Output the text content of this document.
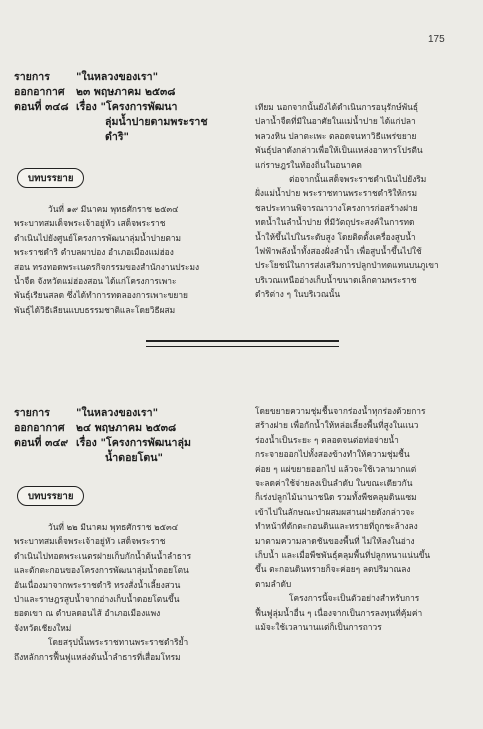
175
รายการ	"ในหลวงของเรา"
ออกอากาศ	๒๓ พฤษภาคม ๒๕๓๘
ตอนที่ ๓๔๘ เรื่อง "โครงการพัฒนา
ลุ่มน้ำปายตามพระราช
ดำริ"
บทบรรยาย
วันที่ ๑๙ มีนาคม พุทธศักราช ๒๕๓๔
พระบาทสมเด็จพระเจ้าอยู่หัว เสด็จพระราช
ดำเนินไปยังศูนย์โครงการพัฒนาลุ่มน้ำปายตาม
พระราชดำริ ตำบลผาบ่อง อำเภอเมืองแม่ฮ่อง
สอน ทรงทอดพระเนตรกิจกรรมของสำนักงานประมง
น้ำจืด จังหวัดแม่ฮ่องสอน ได้แก่โครงการเพาะ
พันธุ์เรียนสลด ซึ่งได้ทำการทดลองการเพาะขยาย
พันธุ์ได้วิธีเลียนแบบธรรมชาติและโดยวิธีผสม
เทียม นอกจากนั้นยังได้ดำเนินการอนุรักษ์พันธุ์
ปลาน้ำจืดที่มีในอาศัยในแม่น้ำปาย ได้แก่ปลา
พลวงหิน ปลาตะเพะ ตลอดจนหาวิธีแพร่ขยาย
พันธุ์ปลาดังกล่าวเพื่อให้เป็นแหล่งอาหารโปรตีน
แก่ราษฎรในท้องถิ่นในอนาคต
ต่อจากนั้นเสด็จพระราชดำเนินไปยังริม
ฝั่งแม่น้ำปาย พระราชทานพระราชดำริให้กรม
ชลประทานพิจารณาวางโครงการก่อสร้างฝาย
ทดน้ำในลำน้ำปาย ที่มีวัตถุประสงค์ในการทด
น้ำให้ขึ้นไปในระดับสูง โดยติดตั้งเครื่องสูบน้ำ
ไฟฟ้าพลังน้ำทั้งสองฝั่งลำน้ำ เพื่อสูบน้ำขึ้นไปใช้
ประโยชน์ในการส่งเสริมการปลูกป่าทดแทนบนภูเขา
บริเวณเหนืออ่างเก็บน้ำขนาดเล็กตามพระราช
ดำริต่าง ๆ ในบริเวณนั้น
รายการ	"ในหลวงของเรา"
ออกอากาศ	๒๔ พฤษภาคม ๒๕๓๘
ตอนที่ ๓๔๙ เรื่อง "โครงการพัฒนาลุ่ม
น้ำดอยโตน"
บทบรรยาย
วันที่ ๒๒ มีนาคม พุทธศักราช ๒๕๓๔
พระบาทสมเด็จพระเจ้าอยู่หัว เสด็จพระราช
ดำเนินไปทอดพระเนตรฝายเก็บกักน้ำต้นน้ำลำธาร
และตักตะกอนของโครงการพัฒนาลุ่มน้ำดอยโตน
อันเนื่องมาจากพระราชดำริ ทรงสั่งน้ำเลี้ยงสวน
ป่าและราษฎรสูบน้ำจากอ่างเก็บน้ำดอยโตนขึ้น
ยอดเขา ณ ตำบลดอนไส้ อำเภอเมืองแพง
จังหวัดเชียงใหม่
โดยสรุปนั้นพระราชทานพระราชดำริย้ำ
ถึงหลักการฟื้นฟูแหล่งต้นน้ำลำธารที่เสื่อมโทรม
โดยขยายความชุ่มชื้นจากร่องน้ำทุกร่องด้วยการ
สร้างฝาย เพื่อกักน้ำให้หล่อเลี้ยงพื้นที่สูงในแนว
ร่องน้ำเป็นระยะ ๆ ตลอดจนต่อท่อจ่ายน้ำ
กระจายออกไปทั้งสองข้างทำให้ความชุ่มชื้น
ค่อย ๆ แผ่ขยายออกไป แล้วจะใช้เวลามากแต่
จะลดค่าใช้จ่ายลงเป็นลำดับ ในขณะเดียวกัน
ก็เร่งปลูกไม้นานาชนิด รวมทั้งพืชคลุมดินแซม
เข้าไปในลักษณะป่าผสมผสานฝายดังกล่าวจะ
ทำหน้าที่ดักตะกอนดินและทรายที่ถูกชะล้างลง
มาตามความลาดชันของพื้นที่ ไม่ให้ลงในอ่าง
เก็บน้ำ และเมื่อพืชพันธุ์คลุมพื้นที่ปลูกหนาแน่นขึ้น
ขึ้น ตะกอนดินทรายก็จะค่อยๆ ลดปริมาณลง
ตามลำดับ
โครงการนี้จะเป็นตัวอย่างสำหรับการ
ฟื้นฟูลุ่มน้ำอื่น ๆ เนื่องจากเป็นการลงทุนที่คุ้มค่า
แม้จะใช้เวลานานแต่ก็เป็นการถาวร
